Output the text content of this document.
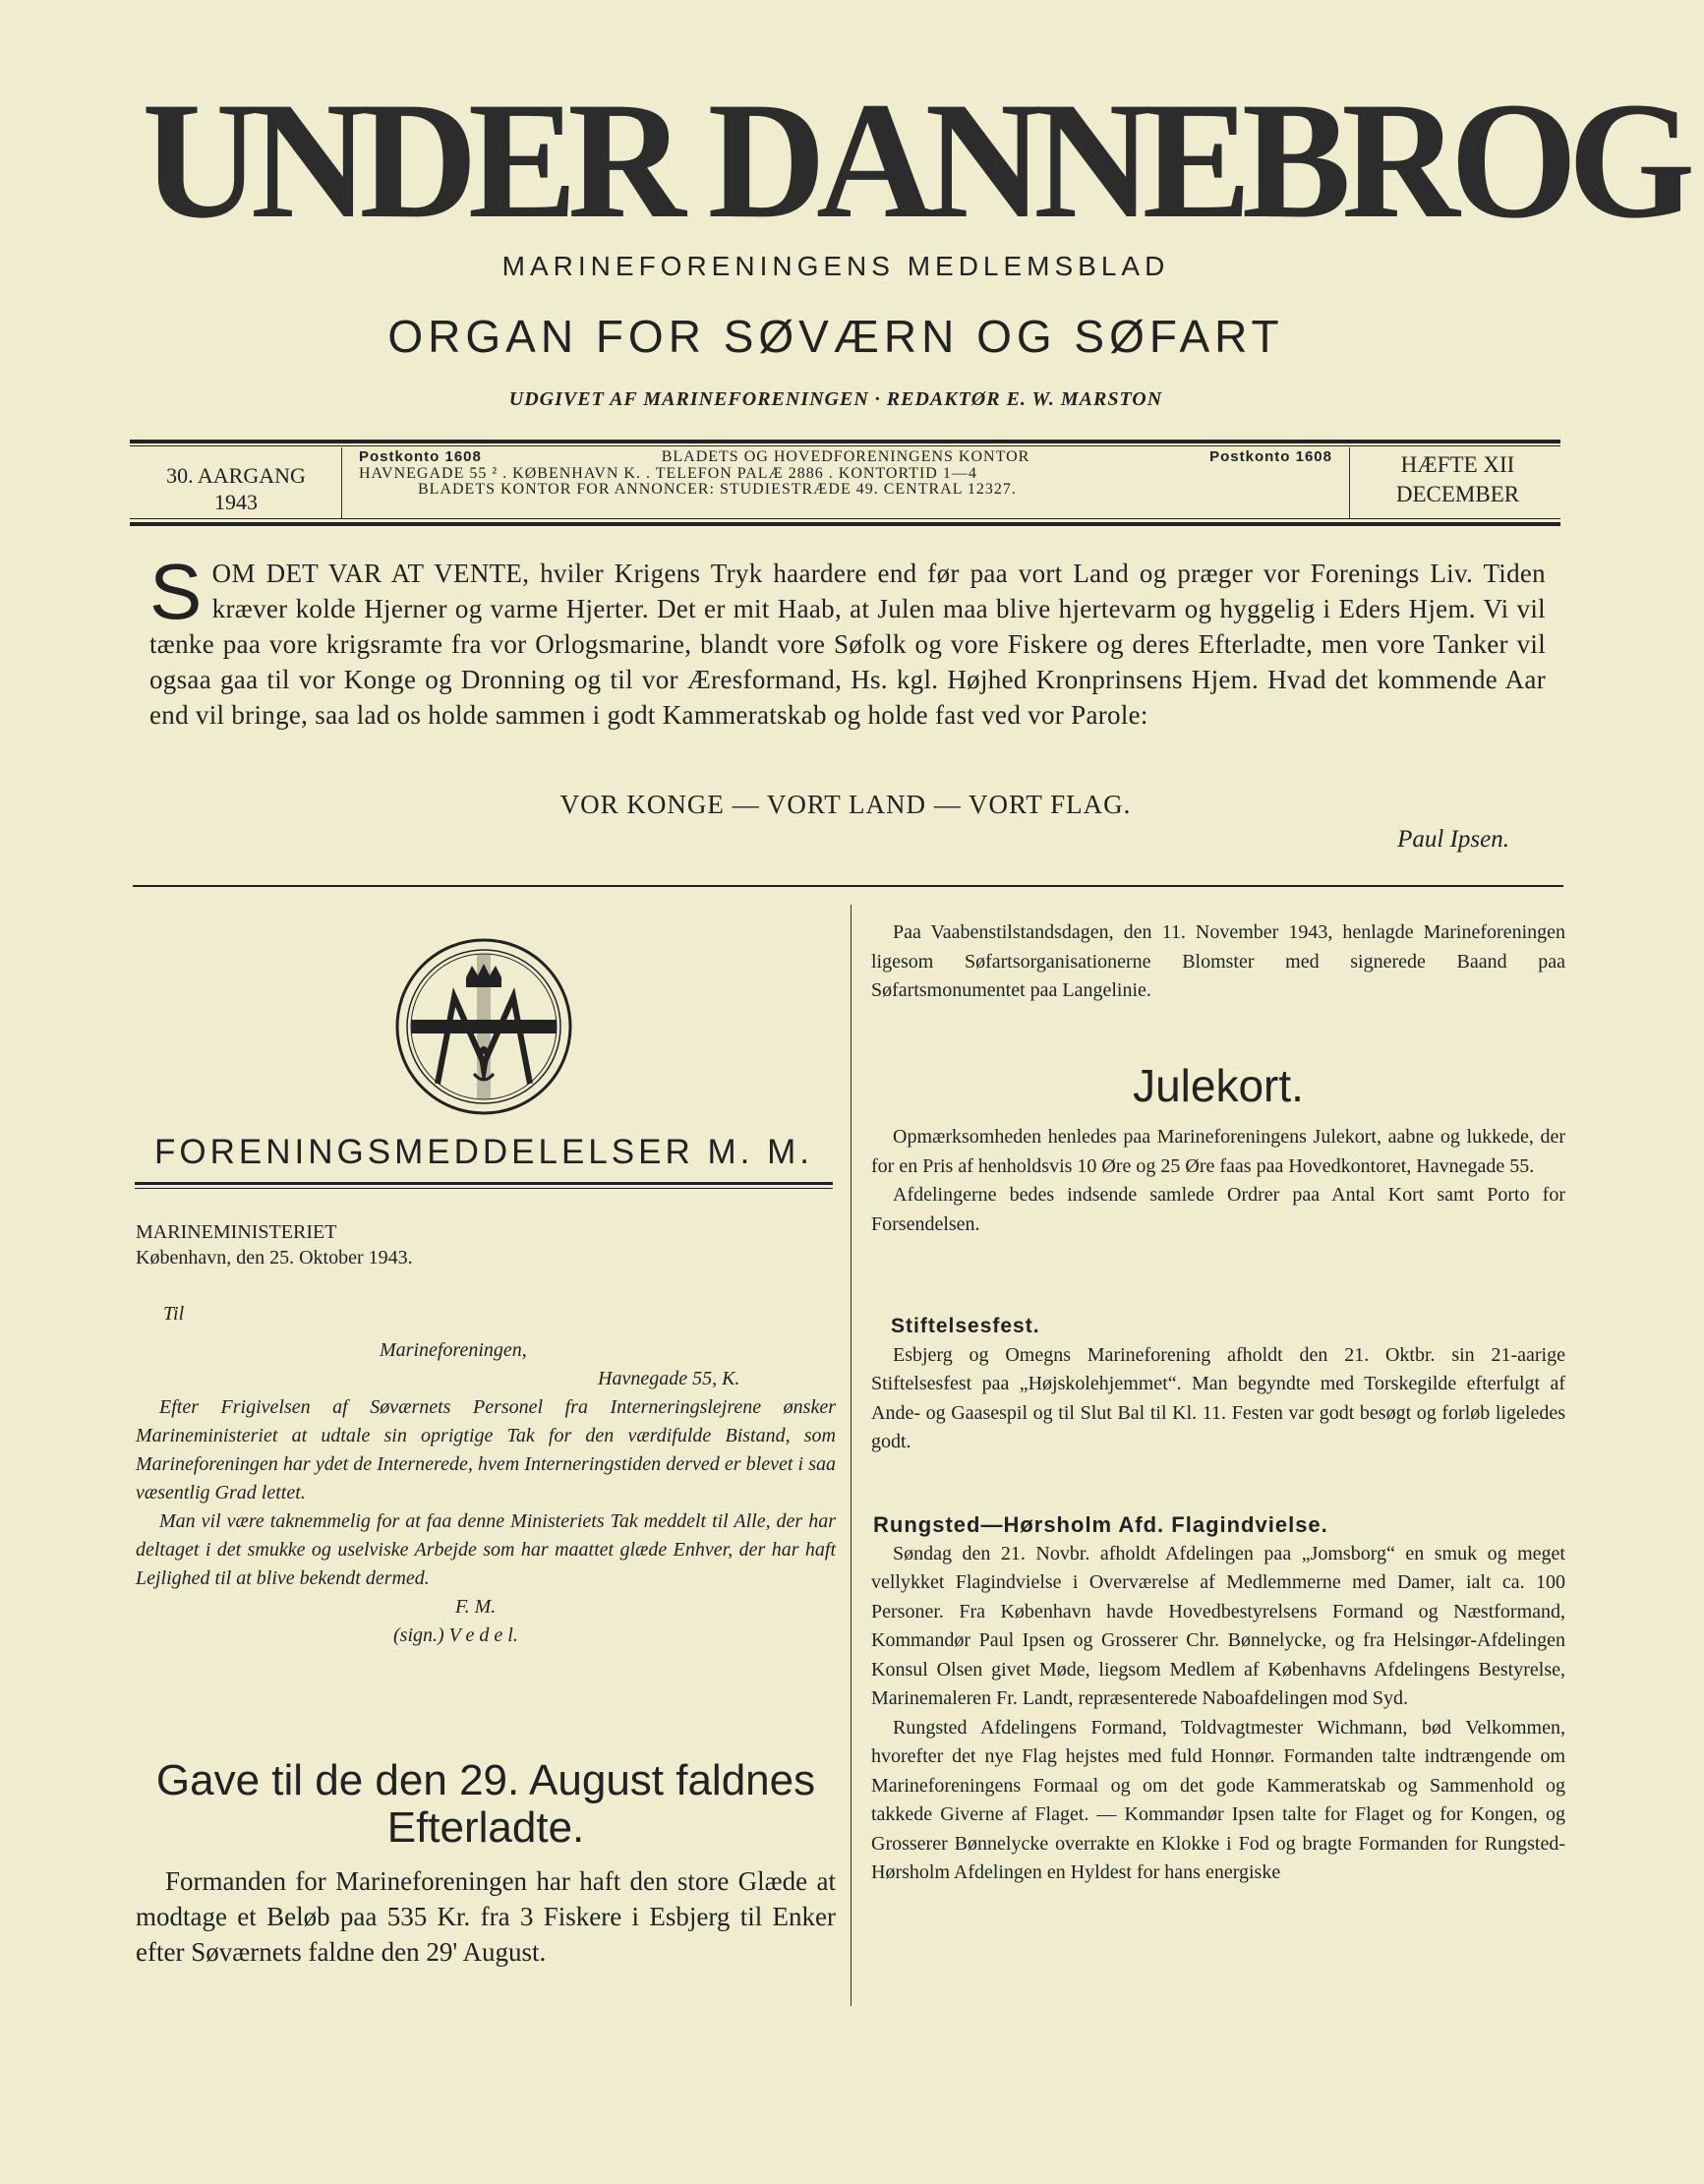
UNDER DANNEBROG
MARINEFORENINGENS MEDLEMSBLAD
ORGAN FOR SØVÆRN OG SØFART
UDGIVET AF MARINEFORENINGEN · REDAKTØR E. W. MARSTON
30. AARGANG
1943
Postkonto 1608	BLADETS OG HOVEDFORENINGENS KONTOR	Postkonto 1608
HAVNEGADE 55 ² . KØBENHAVN K. . TELEFON PALÆ 2886 . KONTORTID 1—4
BLADETS KONTOR FOR ANNONCER: STUDIESTRÆDE 49. CENTRAL 12327.
HÆFTE XII
DECEMBER
S OM DET VAR AT VENTE, hviler Krigens Tryk haardere end før paa vort Land og præger vor Forenings Liv. Tiden kræver kolde Hjerner og varme Hjerter. Det er mit Haab, at Julen maa blive hjertevarm og hyggelig i Eders Hjem. Vi vil tænke paa vore krigsramte fra vor Orlogsmarine, blandt vore Søfolk og vore Fiskere og deres Efterladte, men vore Tanker vil ogsaa gaa til vor Konge og Dronning og til vor Æresformand, Hs. kgl. Højhed Kronprinsens Hjem. Hvad det kommende Aar end vil bringe, saa lad os holde sammen i godt Kammeratskab og holde fast ved vor Parole:
VOR KONGE — VORT LAND — VORT FLAG.
Paul Ipsen.
FORENINGSMEDDELELSER M. M.
MARINEMINISTERIET
København, den 25. Oktober 1943.

Til

Marineforeningen,

Havnegade 55, K.

Efter Frigivelsen af Søværnets Personel fra Interneringslejrene ønsker Marineministeriet at udtale sin oprigtige Tak for den værdifulde Bistand, som Marineforeningen har ydet de Internerede, hvem Interneringstiden derved er blevet i saa væsentlig Grad lettet.

Man vil være taknemmelig for at faa denne Ministeriets Tak meddelt til Alle, der har deltaget i det smukke og uselviske Arbejde som har maattet glæde Enhver, der har haft Lejlighed til at blive bekendt dermed.

F. M.

(sign.) V e d e l.

Gave til de den 29. August faldnes Efterladte.
Formanden for Marineforeningen har haft den store Glæde at modtage et Beløb paa 535 Kr. fra 3 Fiskere i Esbjerg til Enker efter Søværnets faldne den 29' August.

Paa Vaabenstilstandsdagen, den 11. November 1943, henlagde Marineforeningen ligesom Søfartsorganisationerne Blomster med signerede Baand paa Søfartsmonumentet paa Langelinie.

Julekort.

Opmærksomheden henledes paa Marineforeningens Julekort, aabne og lukkede, der for en Pris af henholdsvis 10 Øre og 25 Øre faas paa Hovedkontoret, Havnegade 55.

Afdelingerne bedes indsende samlede Ordrer paa Antal Kort samt Porto for Forsendelsen.

Stiftelsesfest.

Esbjerg og Omegns Marineforening afholdt den 21. Oktbr. sin 21-aarige Stiftelsesfest paa „Højskolehjemmet“. Man begyndte med Torskegilde efterfulgt af Ande- og Gaasespil og til Slut Bal til Kl. 11. Festen var godt besøgt og forløb ligeledes godt.

Rungsted—Hørsholm Afd. Flagindvielse.

Søndag den 21. Novbr. afholdt Afdelingen paa „Jomsborg“ en smuk og meget vellykket Flagindvielse i Overværelse af Medlemmerne med Damer, ialt ca. 100 Personer. Fra København havde Hovedbestyrelsens Formand og Næstformand, Kommandør Paul Ipsen og Grosserer Chr. Bønnelycke, og fra Helsingør-Afdelingen Konsul Olsen givet Møde, liegsom Medlem af Københavns Afdelingens Bestyrelse, Marinemaleren Fr. Landt, repræsenterede Naboafdelingen mod Syd.

Rungsted Afdelingens Formand, Toldvagtmester Wichmann, bød Velkommen, hvorefter det nye Flag hejstes med fuld Honnør. Formanden talte indtrængende om Marineforeningens Formaal og om det gode Kammeratskab og Sammenhold og takkede Giverne af Flaget. — Kommandør Ipsen talte for Flaget og for Kongen, og Grosserer Bønnelycke overrakte en Klokke i Fod og bragte Formanden for Rungsted-Hørsholm Afdelingen en Hyldest for hans energiske
